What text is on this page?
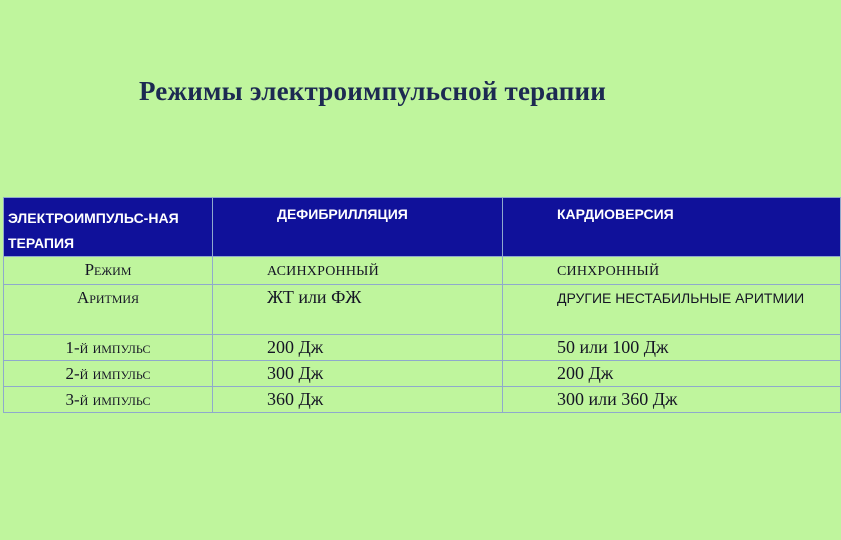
Режимы электроимпульсной терапии
ЭЛЕКТРОИМПУЛЬС-НАЯ ТЕРАПИЯ	ДЕФИБРИЛЛЯЦИЯ	КАРДИОВЕРСИЯ
Режим	АСИНХРОННЫЙ	СИНХРОННЫЙ
Аритмия	ЖТ или ФЖ	ДРУГИЕ НЕСТАБИЛЬНЫЕ АРИТМИИ
1-й импульс	200 Дж	50 или 100 Дж
2-й импульс	300 Дж	200 Дж
3-й импульс	360 Дж	300 или 360 Дж
